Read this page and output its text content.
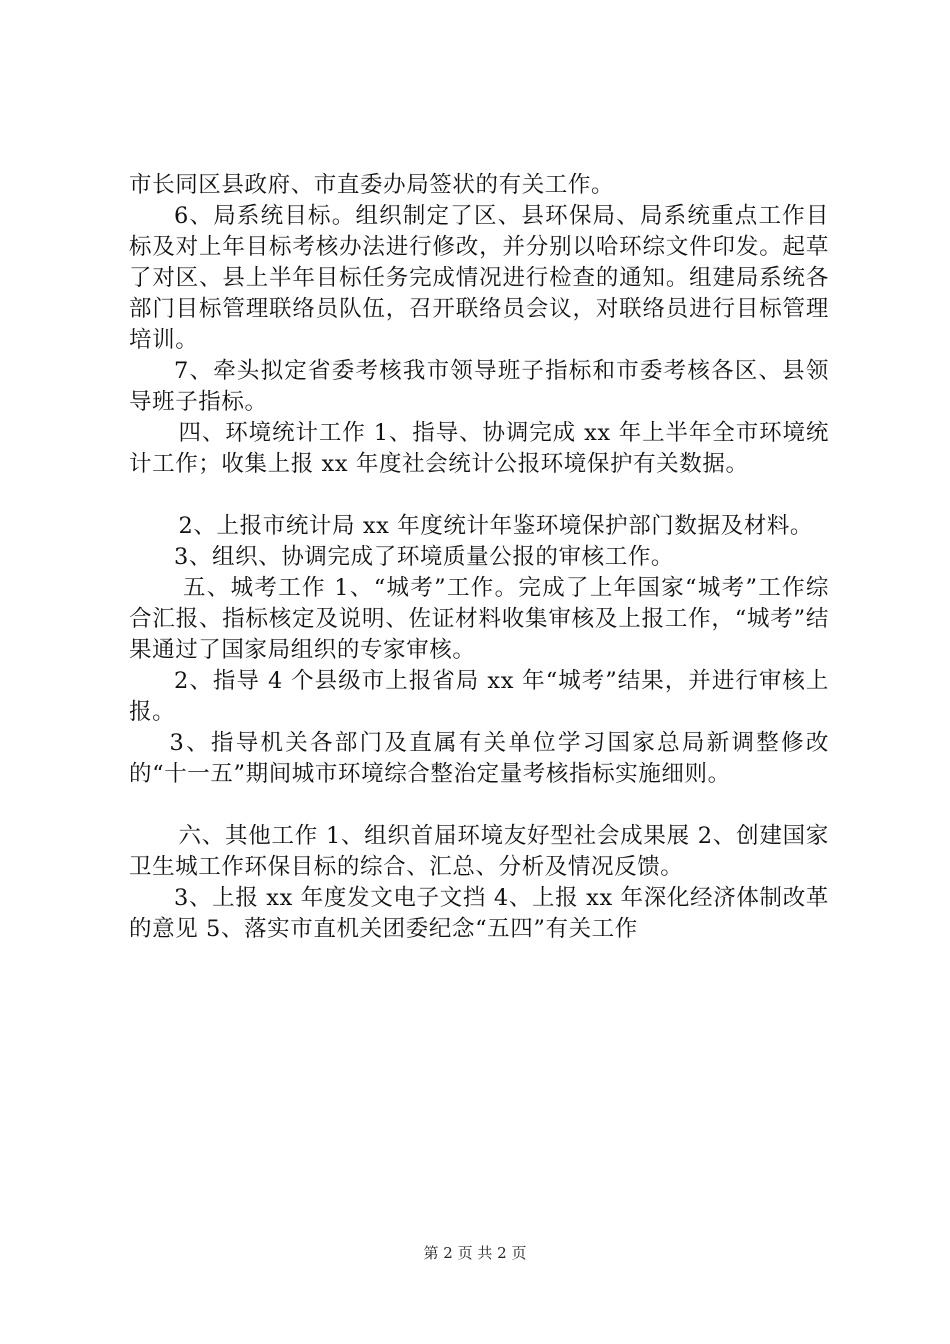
市长同区县政府、市直委办局签状的有关工作。

6、局系统目标。组织制定了区、县环保局、局系统重点工作目标及对上年目标考核办法进行修改，并分别以哈环综文件印发。起草了对区、县上半年目标任务完成情况进行检查的通知。组建局系统各部门目标管理联络员队伍，召开联络员会议，对联络员进行目标管理培训。

7、牵头拟定省委考核我市领导班子指标和市委考核各区、县领导班子指标。

四、环境统计工作 1、指导、协调完成 xx 年上半年全市环境统计工作；收集上报 xx 年度社会统计公报环境保护有关数据。

2、上报市统计局 xx 年度统计年鉴环境保护部门数据及材料。

3、组织、协调完成了环境质量公报的审核工作。

五、城考工作 1、“城考”工作。完成了上年国家“城考”工作综合汇报、指标核定及说明、佐证材料收集审核及上报工作，“城考”结果通过了国家局组织的专家审核。

2、指导 4 个县级市上报省局 xx 年“城考”结果，并进行审核上报。

3、指导机关各部门及直属有关单位学习国家总局新调整修改的“十一五”期间城市环境综合整治定量考核指标实施细则。

六、其他工作 1、组织首届环境友好型社会成果展 2、创建国家卫生城工作环保目标的综合、汇总、分析及情况反馈。

3、上报 xx 年度发文电子文挡 4、上报 xx 年深化经济体制改革的意见 5、落实市直机关团委纪念“五四”有关工作

第 2 页 共 2 页
